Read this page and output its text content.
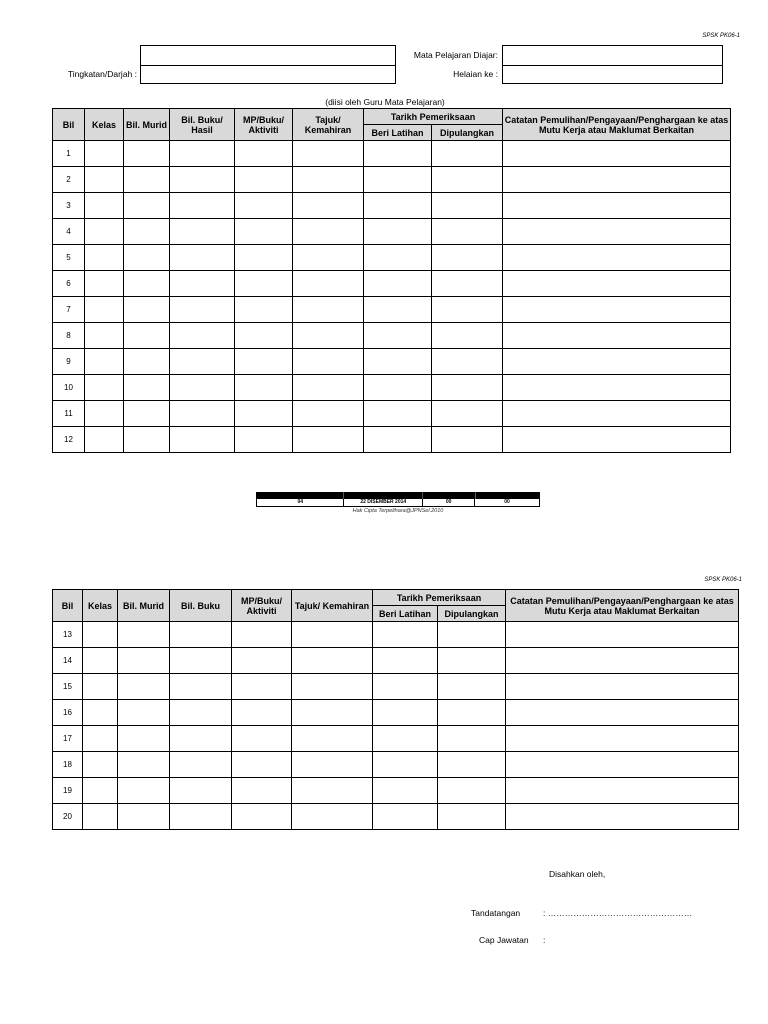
SPSK PK06-1
Tingkatan/Darjah :
Mata Pelajaran Diajar:
Helaian ke :
(diisi oleh Guru Mata Pelajaran)
Bil	Kelas	Bil. Murid	Bil. Buku/ Hasil	MP/Buku/ Aktiviti	Tajuk/ Kemahiran	Tarikh Pemeriksaan		Catatan Pemulihan/Pengayaan/Penghargaan ke atas Mutu Kerja atau Maklumat Berkaitan
						Beri Latihan	Dipulangkan	
1								
2								
3								
4								
5								
6								
7								
8								
9								
10								
11								
12								
04	22 DISEMBER 2014	00	00
Hak Cipta Terpelihara@JPNSel.2010
SPSK PK06-1
Bil	Kelas	Bil. Murid	Bil. Buku	MP/Buku/ Aktiviti	Tajuk/ Kemahiran	Tarikh Pemeriksaan		Catatan Pemulihan/Pengayaan/Penghargaan ke atas Mutu Kerja atau Maklumat Berkaitan
						Beri Latihan	Dipulangkan	
13								
14								
15								
16								
17								
18								
19								
20								
Disahkan oleh,
Tandatangan	: ……………………………………………
Cap Jawatan :
